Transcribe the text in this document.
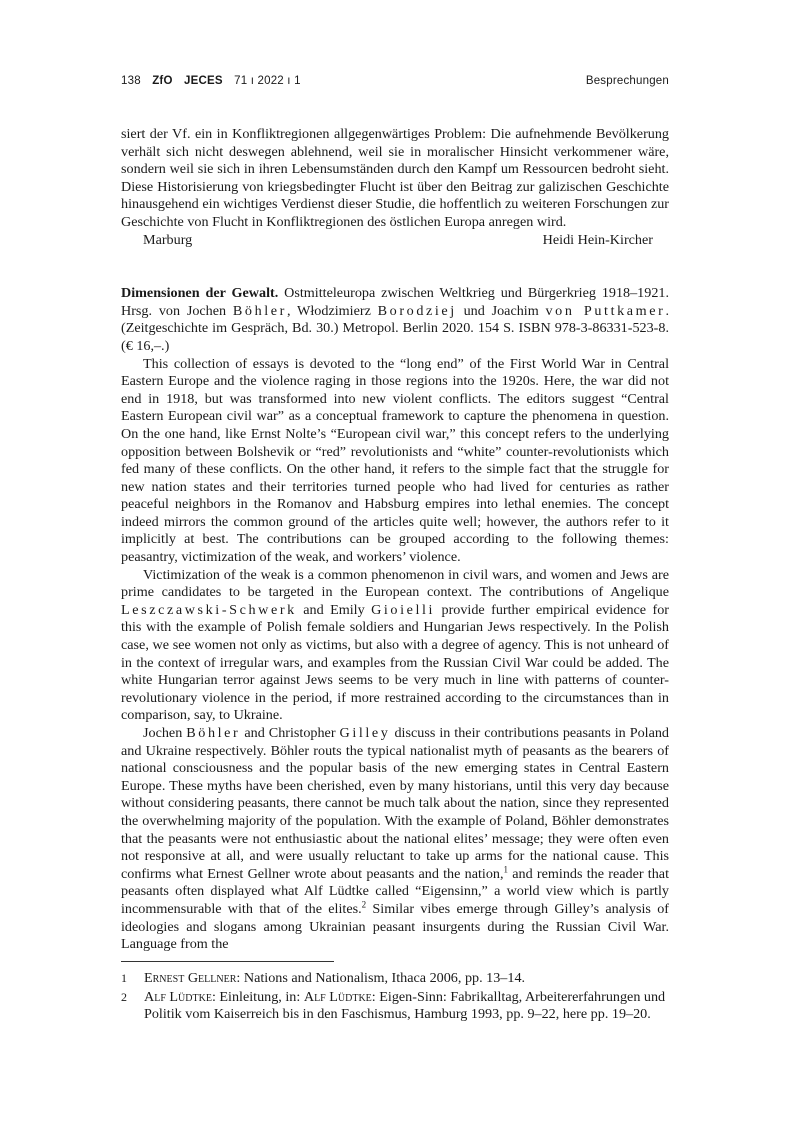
138 ZfO JECES 71 ı 2022 ı 1	Besprechungen

siert der Vf. ein in Konfliktregionen allgegenwärtiges Problem: Die aufnehmende Bevölkerung verhält sich nicht deswegen ablehnend, weil sie in moralischer Hinsicht verkommener wäre, sondern weil sie sich in ihren Lebensumständen durch den Kampf um Ressourcen bedroht sieht. Diese Historisierung von kriegsbedingter Flucht ist über den Beitrag zur galizischen Geschichte hinausgehend ein wichtiges Verdienst dieser Studie, die hoffentlich zu weiteren Forschungen zur Geschichte von Flucht in Konfliktregionen des östlichen Europa anregen wird.

Marburg	Heidi Hein-Kircher

Dimensionen der Gewalt. Ostmitteleuropa zwischen Weltkrieg und Bürgerkrieg 1918–1921. Hrsg. von Jochen Böhler, Włodzimierz Borodziej und Joachim von Puttkamer. (Zeitgeschichte im Gespräch, Bd. 30.) Metropol. Berlin 2020. 154 S. ISBN 978-3-86331-523-8. (€ 16,–.)

This collection of essays is devoted to the “long end” of the First World War in Central Eastern Europe and the violence raging in those regions into the 1920s. Here, the war did not end in 1918, but was transformed into new violent conflicts. The editors suggest “Central Eastern European civil war” as a conceptual framework to capture the phenomena in question. On the one hand, like Ernst Nolte’s “European civil war,” this concept refers to the underlying opposition between Bolshevik or “red” revolutionists and “white” counter-revolutionists which fed many of these conflicts. On the other hand, it refers to the simple fact that the struggle for new nation states and their territories turned people who had lived for centuries as rather peaceful neighbors in the Romanov and Habsburg empires into lethal enemies. The concept indeed mirrors the common ground of the articles quite well; however, the authors refer to it implicitly at best. The contributions can be grouped according to the following themes: peasantry, victimization of the weak, and workers’ violence.

Victimization of the weak is a common phenomenon in civil wars, and women and Jews are prime candidates to be targeted in the European context. The contributions of Angelique Leszczawski-Schwerk and Emily Gioielli provide further empirical evidence for this with the example of Polish female soldiers and Hungarian Jews respectively. In the Polish case, we see women not only as victims, but also with a degree of agency. This is not unheard of in the context of irregular wars, and examples from the Russian Civil War could be added. The white Hungarian terror against Jews seems to be very much in line with patterns of counter-revolutionary violence in the period, if more restrained according to the circumstances than in comparison, say, to Ukraine.

Jochen Böhler and Christopher Gilley discuss in their contributions peasants in Poland and Ukraine respectively. Böhler routs the typical nationalist myth of peasants as the bearers of national consciousness and the popular basis of the new emerging states in Central Eastern Europe. These myths have been cherished, even by many historians, until this very day because without considering peasants, there cannot be much talk about the nation, since they represented the overwhelming majority of the population. With the example of Poland, Böhler demonstrates that the peasants were not enthusiastic about the national elites’ message; they were often even not responsive at all, and were usually reluctant to take up arms for the national cause. This confirms what Ernest Gellner wrote about peasants and the nation,$^1$ and reminds the reader that peasants often displayed what Alf Lüdtke called “Eigensinn,” a world view which is partly incommensurable with that of the elites.$^2$ Similar vibes emerge through Gilley’s analysis of ideologies and slogans among Ukrainian peasant insurgents during the Russian Civil War. Language from the

1	Ernest Gellner: Nations and Nationalism, Ithaca 2006, pp. 13–14.
2	Alf Lüdtke: Einleitung, in: Alf Lüdtke: Eigen-Sinn: Fabrikalltag, Arbeitererfahrungen und Politik vom Kaiserreich bis in den Faschismus, Hamburg 1993, pp. 9–22, here pp. 19–20.
